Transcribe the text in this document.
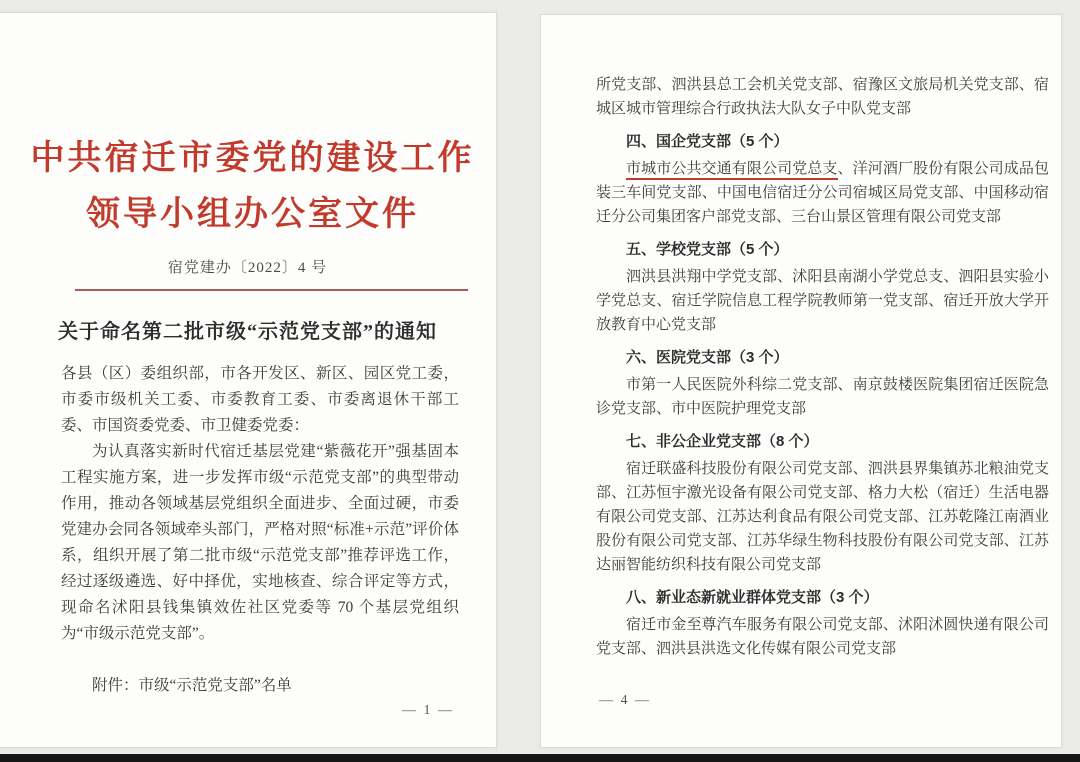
中共宿迁市委党的建设工作
领导小组办公室文件
宿党建办〔2022〕4 号
关于命名第二批市级“示范党支部”的通知

各县（区）委组织部，市各开发区、新区、园区党工委，市委市级机关工委、市委教育工委、市委离退休干部工委、市国资委党委、市卫健委党委：

为认真落实新时代宿迁基层党建“紫薇花开”强基固本工程实施方案，进一步发挥市级“示范党支部”的典型带动作用，推动各领域基层党组织全面进步、全面过硬，市委党建办会同各领域牵头部门，严格对照“标准+示范”评价体系，组织开展了第二批市级“示范党支部”推荐评选工作，经过逐级遴选、好中择优，实地核查、综合评定等方式，现命名沭阳县钱集镇效佐社区党委等 70 个基层党组织为“市级示范党支部”。

附件：市级“示范党支部”名单

— 1 —

所党支部、泗洪县总工会机关党支部、宿豫区文旅局机关党支部、宿城区城市管理综合行政执法大队女子中队党支部

四、国企党支部（5 个）

市城市公共交通有限公司党总支、洋河酒厂股份有限公司成品包装三车间党支部、中国电信宿迁分公司宿城区局党支部、中国移动宿迁分公司集团客户部党支部、三台山景区管理有限公司党支部

五、学校党支部（5 个）

泗洪县洪翔中学党支部、沭阳县南湖小学党总支、泗阳县实验小学党总支、宿迁学院信息工程学院教师第一党支部、宿迁开放大学开放教育中心党支部

六、医院党支部（3 个）

市第一人民医院外科综二党支部、南京鼓楼医院集团宿迁医院急诊党支部、市中医院护理党支部

七、非公企业党支部（8 个）

宿迁联盛科技股份有限公司党支部、泗洪县界集镇苏北粮油党支部、江苏恒宇激光设备有限公司党支部、格力大松（宿迁）生活电器有限公司党支部、江苏达利食品有限公司党支部、江苏乾隆江南酒业股份有限公司党支部、江苏华绿生物科技股份有限公司党支部、江苏达丽智能纺织科技有限公司党支部

八、新业态新就业群体党支部（3 个）

宿迁市金至尊汽车服务有限公司党支部、沭阳沭圆快递有限公司党支部、泗洪县洪选文化传媒有限公司党支部

— 4 —
